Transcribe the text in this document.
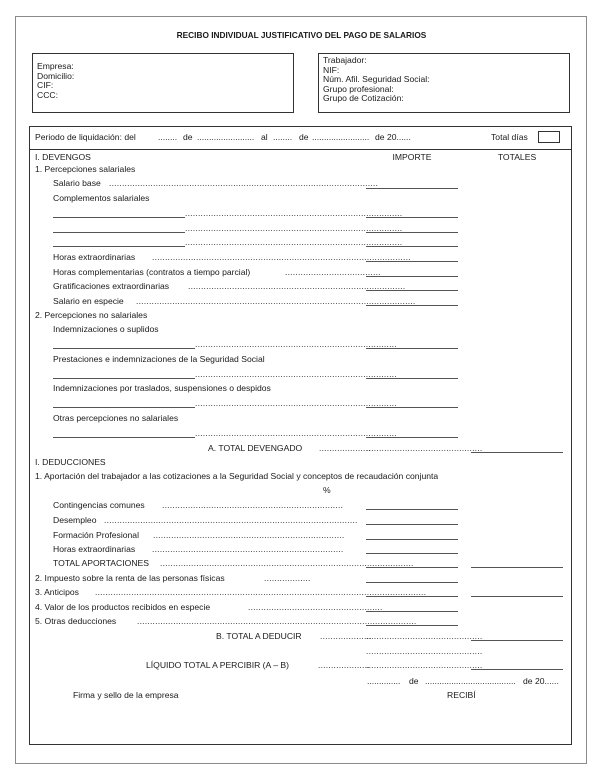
RECIBO INDIVIDUAL JUSTIFICATIVO DEL PAGO DE SALARIOS
Empresa:
Domicilio:
CIF:
CCC:
Trabajador:
NIF:
Núm. Afil. Seguridad Social:
Grupo profesional:
Grupo de Cotización:
Periodo de liquidación: del	........ de ........................ al ........ de ........................ de 20......	Total días
I. DEVENGOS	IMPORTE	TOTALES
1. Percepciones salariales
Salario base ........................................................................................................
Complementos salariales
....................................................................................
....................................................................................
....................................................................................
Horas extraordinarias ....................................................................................................
Horas complementarias (contratos a tiempo parcial)	.....................................
Gratificaciones extraordinarias ....................................................................................
Salario en especie ............................................................................................................
2. Percepciones no salariales
Indemnizaciones o suplidos
..............................................................................
Prestaciones e indemnizaciones de la Seguridad Social
..............................................................................
Indemnizaciones por traslados, suspensiones o despidos
..............................................................................
Otras percepciones no salariales
..............................................................................
A. TOTAL DEVENGADO ....................
.............................................
I. DEDUCCIONES
1. Aportación del trabajador a las cotizaciones a la Seguridad Social y conceptos de recaudación conjunta
%
Contingencias comunes ......................................................................
Desempleo ..................................................................................................
Formación Profesional ..........................................................................
Horas extraordinarias ..........................................................................
TOTAL APORTACIONES ..................................................................................................
2. Impuesto sobre la renta de las personas físicas	..................
3. Anticipos ................................................................................................................................
4. Valor de los productos recibidos en especie	....................................................
5. Otras deducciones ............................................................................................................
B. TOTAL A DEDUCIR ....................
.............................................
.............................................
LÍQUIDO TOTAL A PERCIBIR (A – B)	....................
.............................................
.............. de ...................................... de 20......
Firma y sello de la empresa	RECIBÍ
